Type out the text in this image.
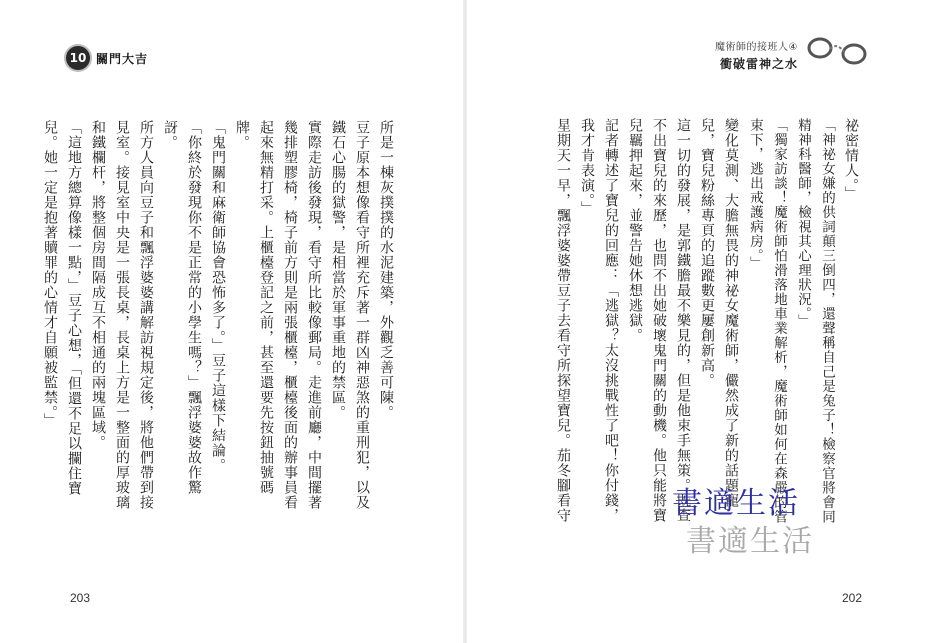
10 關門大吉

所是一棟灰撲撲的水泥建築，外觀乏善可陳。

豆子原本想像看守所裡充斥著一群凶神惡煞的重刑犯，以及鐵石心腸的獄警，是相當於軍事重地的禁區。

實際走訪後發現，看守所比較像郵局。走進前廳，中間擺著幾排塑膠椅，椅子前方則是兩張櫃檯，櫃檯後面的辦事員看起來無精打采。上櫃檯登記之前，甚至還要先按鈕抽號碼牌。

「鬼門關和麻衛師協會恐怖多了。」豆子這樣下結論。

「你終於發現你不是正常的小學生嗎？」飄浮婆婆故作驚訝。

所方人員向豆子和飄浮婆婆講解訪視規定後，將他們帶到接見室。接見室中央是一張長桌，長桌上方是一整面的厚玻璃和鐵欄杆，將整個房間隔成互不相通的兩塊區域。

「這地方總算像樣一點，」豆子心想，「但還不足以攔住寶兒。她一定是抱著贖罪的心情才自願被監禁。」

203
魔術師的接班人④
衝破雷神之水

祕密情人。」

「神祕女嫌的供詞顛三倒四，還聲稱自己是兔子！檢察官將會同精神科醫師，檢視其心理狀況。」

「獨家訪談！魔術師怕滑落地車業解析，魔術師如何在森嚴的管束下，逃出戒護病房。」

變化莫測、大膽無畏的神祕女魔術師，儼然成了新的話題寵兒，寶兒粉絲專頁的追蹤數更屢創新高。

這一切的發展，是郭鐵膽最不樂見的，但是他束手無策。既查不出寶兒的來歷，也問不出她破壞鬼門關的動機。他只能將寶兒羈押起來，並警告她休想逃獄。

記者轉述了寶兒的回應：「逃獄？太沒挑戰性了吧！你付錢，我才肯表演。」

星期天一早，飄浮婆婆帶豆子去看守所探望寶兒。茄冬腳看守

202
書適生活
書適生活
